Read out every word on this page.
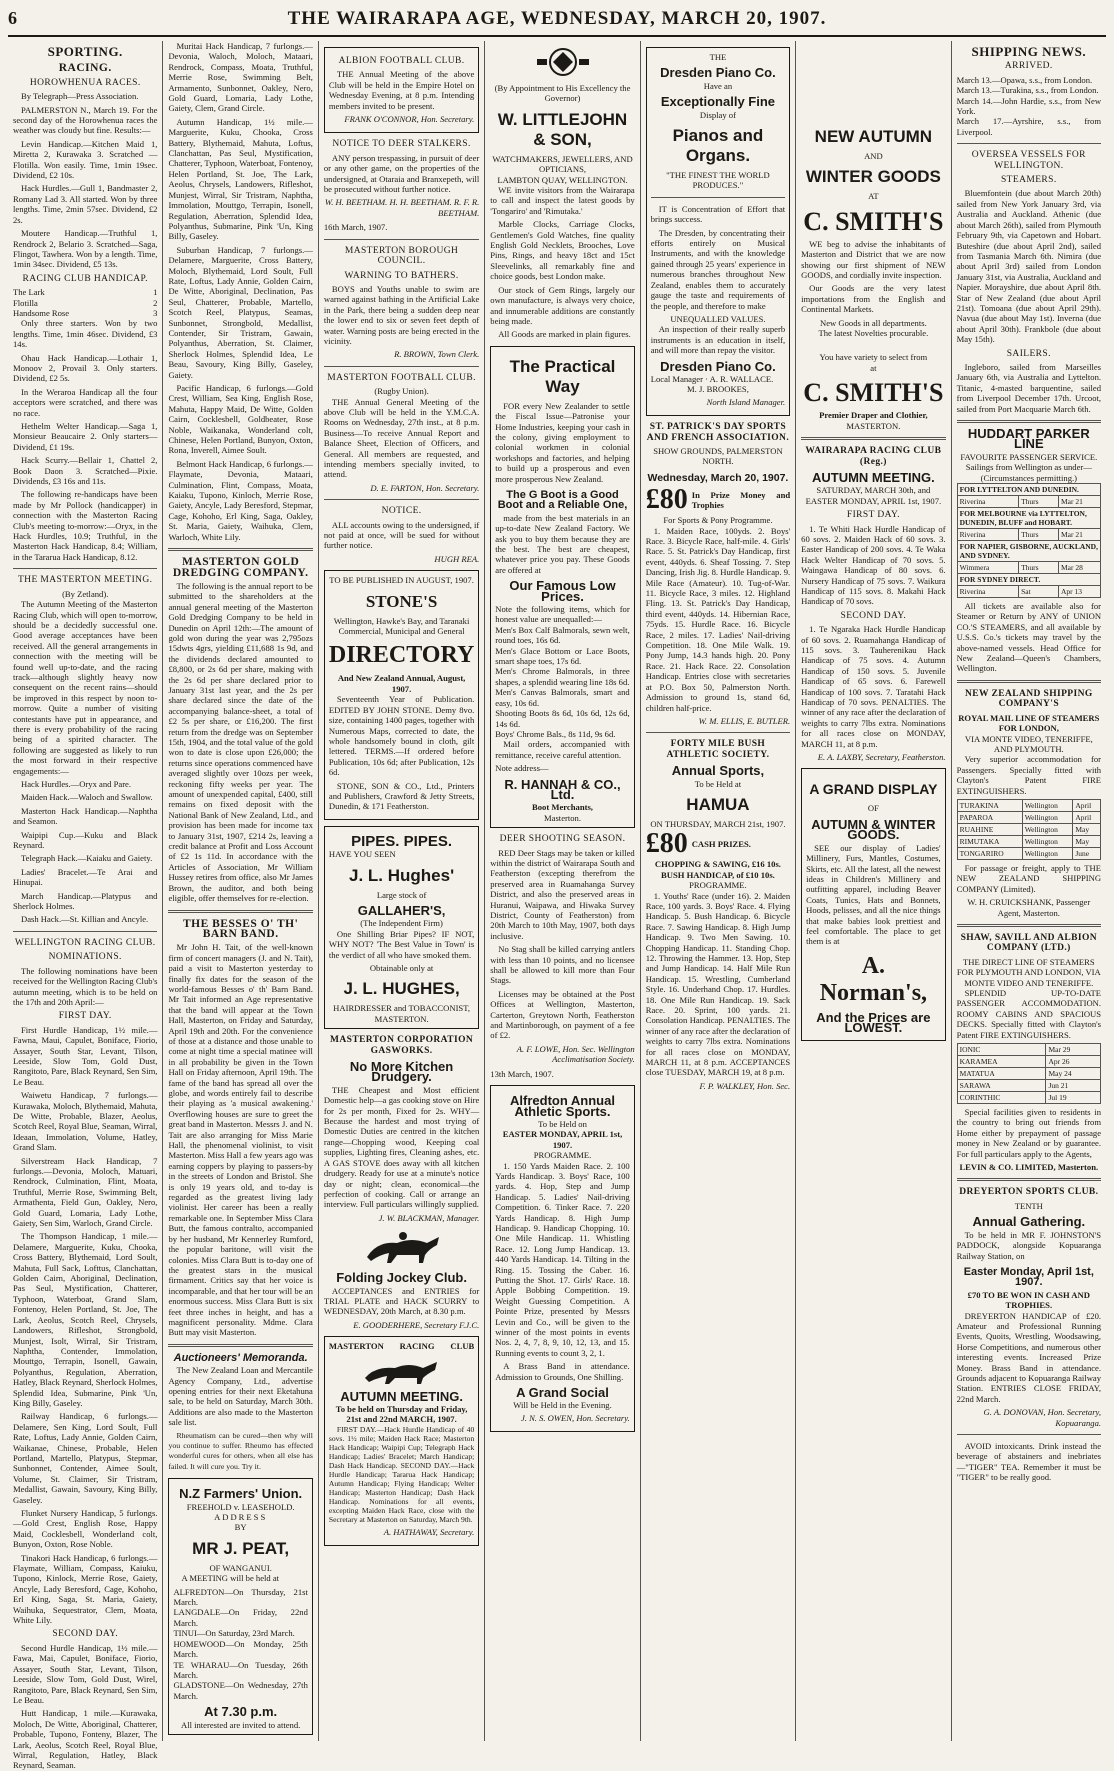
6	THE WAIRARAPA AGE, WEDNESDAY, MARCH 20, 1907.
SPORTING.
RACING.
HOROWHENUA RACES.

By Telegraph—Press Association.

PALMERSTON N., March 19. For the second day of the Horowhenua races the weather was cloudy but fine. Results:—

Levin Handicap.—Kitchen Maid 1, Miretta 2, Kurawaka 3. Scratched —Flotilla. Won easily. Time, 1min 19sec. Dividend, £2 10s.

Hack Hurdles.—Gull 1, Bandmaster 2, Romany Lad 3. All started. Won by three lengths. Time, 2min 57sec. Dividend, £2 2s.

Moutere Handicap.—Truthful 1, Rendrock 2, Belario 3. Scratched—Saga, Flingot, Tawhera. Won by a length. Time, 1min 34sec. Dividend, £5 13s.

RACING CLUB HANDICAP.
The Lark	1
Flotilla	2
Handsome Rose	3

Only three starters. Won by two lengths. Time, 1min 46sec. Dividend, £3 14s.

Ohau Hack Handicap.—Lothair 1, Monoov 2, Provail 3. Only starters. Dividend, £2 5s.

In the Weraroa Handicap all the four acceptors were scratched, and there was no race.

Hethelm Welter Handicap.—Saga 1, Monsieur Beaucaire 2. Only starters—Dividend, £1 19s.

Hack Scurry.—Bellair 1, Chattel 2, Book Daon 3. Scratched—Pixie. Dividends, £3 16s and 11s.

The following re-handicaps have been made by Mr Pollock (handicapper) in connection with the Masterton Racing Club's meeting to-morrow:—Oryx, in the Hack Hurdles, 10.9; Truthful, in the Masterton Hack Handicap, 8.4; William, in the Tararua Hack Handicap, 8.12.

THE MASTERTON MEETING.
(By Zetland).

The Autumn Meeting of the Masterton Racing Club, which will open to-morrow, should be a decidedly successful one. Good average acceptances have been received. All the general arrangements in connection with the meeting will be found well up-to-date, and the racing track—although slightly heavy now consequent on the recent rains—should be improved in this respect by noon to-morrow. Quite a number of visiting contestants have put in appearance, and there is every probability of the racing being of a spirited character. The following are suggested as likely to run the most forward in their respective engagements:—

Hack Hurdles.—Oryx and Pare.

Maiden Hack.—Waloch and Swallow.

Masterton Hack Handicap.—Naphtha and Seamon.

Waipipi Cup.—Kuku and Black Reynard.

Telegraph Hack.—Kaiaku and Gaiety.

Ladies' Bracelet.—Te Arai and Hinupai.

March Handicap.—Platypus and Sherlock Holmes.

Dash Hack.—St. Killian and Ancyle.

WELLINGTON RACING CLUB.
NOMINATIONS.

The following nominations have been received for the Wellington Racing Club's autumn meeting, which is to be held on the 17th and 20th April:—

FIRST DAY.

First Hurdle Handicap, 1½ mile.—Fawna, Maui, Capulet, Boniface, Fiorio, Assayer, South Star, Levant, Tilson, Leeside, Slow Tom, Gold Dust, Rangitoto, Pare, Black Reynard, Sen Sim, Le Beau.

Waiwetu Handicap, 7 furlongs.—Kurawaka, Moloch, Blythemaid, Mahuta, De Witte, Probable, Blazer, Aeolus, Scotch Reel, Royal Blue, Seaman, Wirral, Ideaan, Immolation, Volume, Hatley, Grand Slam.

Silverstream Hack Handicap, 7 furlongs.—Devonia, Moloch, Matuari, Rendrock, Culmination, Flint, Moata, Truthful, Merrie Rose, Swimming Belt, Armathenta, Field Gun, Oakley, Nero, Gold Guard, Lomaria, Lady Lothe, Gaiety, Sen Sim, Warloch, Grand Circle.

The Thompson Handicap, 1 mile.—Delamere, Marguerite, Kuku, Chooka, Cross Battery, Blythemaid, Lord Soult, Mahuta, Full Sack, Lofttus, Clanchattan, Golden Cairn, Aboriginal, Declination, Pas Seul, Mystification, Chatterer, Typhoon, Waterboat, Grand Slam, Fontenoy, Helen Portland, St. Joe, The Lark, Aeolus, Scotch Reel, Chrysels, Landowers, Rifleshot, Strongbold, Munjest, Isolt, Wirral, Sir Tristram, Naphtha, Contender, Immolation, Mouttgo, Terrapin, Isonell, Gawain, Polyanthus, Regulation, Aberration, Hatley, Black Reynard, Sherlock Holmes, Splendid Idea, Submarine, Pink 'Un, King Billy, Gaseley.

Railway Handicap, 6 furlongs.—Delamere, Sen King, Lord Soult, Full Rate, Loftus, Lady Annie, Golden Cairn, Waikanae, Chinese, Probable, Helen Portland, Martello, Platypus, Stepmar, Sunbonnet, Contender, Aimee Soult, Volume, St. Claimer, Sir Tristram, Medallist, Gawain, Savoury, King Billy, Gaseley.

Flunket Nursery Handicap, 5 furlongs.—Gold Crest, English Rose, Happy Maid, Cocklesbell, Wonderland colt, Bunyon, Oxton, Rose Noble.

Tinakori Hack Handicap, 6 furlongs.—Flaymate, William, Compass, Kaiuku, Tupono, Kinlock, Merrie Rose, Gaiety, Ancyle, Lady Beresford, Cage, Kohoho, Erl King, Saga, St. Maria, Gaiety, Waihuka, Sequestrator, Clem, Moata, White Lily.

SECOND DAY.

Second Hurdle Handicap, 1½ mile.—Fawa, Mai, Capulet, Boniface, Fiorio, Assayer, South Star, Levant, Tilson, Leeside, Slow Tom, Gold Dust, Wirel, Rangitoto, Pare, Black Reynard, Sen Sim, Le Beau.

Hutt Handicap, 1 mile.—Kurawaka, Moloch, De Witte, Aboriginal, Chatterer, Probable, Tupono, Fonteny, Blazer, The Lark, Aeolus, Scotch Reel, Royal Blue, Wirral, Regulation, Hatley, Black Reynard, Seaman.

Muritai Hack Handicap, 7 furlongs.—Devonia, Waloch, Moloch, Mataari, Rendrock, Compass, Moata, Truthful, Merrie Rose, Swimming Belt, Armamento, Sunbonnet, Oakley, Nero, Gold Guard, Lomaria, Lady Lothe, Gaiety, Clem, Grand Circle.

Autumn Handicap, 1½ mile.—Marguerite, Kuku, Chooka, Cross Battery, Blythemaid, Mahuta, Loftus, Clanchattan, Pas Seul, Mystification, Chatterer, Typhoon, Waterboat, Fontenoy, Helen Portland, St. Joe, The Lark, Aeolus, Chrysels, Landowers, Rifleshot, Munjest, Wirral, Sir Tristram, Naphtha, Immolation, Mouttgo, Terrapin, Isonell, Regulation, Aberration, Splendid Idea, Polyanthus, Submarine, Pink 'Un, King Billy, Gaseley.

Suburban Handicap, 7 furlongs.—Delamere, Marguerite, Cross Battery, Moloch, Blythemaid, Lord Soult, Full Rate, Loftus, Lady Annie, Golden Cairn, De Witte, Aboriginal, Declination, Pas Seul, Chatterer, Probable, Martello, Scotch Reel, Platypus, Seamas, Sunbonnet, Strongbold, Medallist, Contender, Sir Tristram, Gawain, Polyanthus, Aberration, St. Claimer, Sherlock Holmes, Splendid Idea, Le Beau, Savoury, King Billy, Gaseley, Gaiety.

Pacific Handicap, 6 furlongs.—Gold Crest, William, Sea King, English Rose, Mahuta, Happy Maid, De Witte, Golden Cairn, Cocklesbell, Goldbeater, Rose Noble, Waikanaka, Wonderland colt, Chinese, Helen Portland, Bunyon, Oxton, Rona, Inverell, Aimee Soult.

Belmont Hack Handicap, 6 furlongs.—Flaymate, Devonia, Mataari, Culmination, Flint, Compass, Moata, Kaiaku, Tupono, Kinloch, Merrie Rose, Gaiety, Ancyle, Lady Beresford, Stepmar, Cage, Kohoho, Erl King, Saga, Oakley, St. Maria, Gaiety, Waihuka, Clem, Warloch, White Lily.

MASTERTON GOLD DREDGING COMPANY.

The following is the annual report to be submitted to the shareholders at the annual general meeting of the Masterton Gold Dredging Company to be held in Dunedin on April 12th:—The amount of gold won during the year was 2,795ozs 15dwts 4grs, yielding £11,688 1s 9d, and the dividends declared amounted to £8,800, or 2s 6d per share, making with the 2s 6d per share declared prior to January 31st last year, and the 2s per share declared since the date of the accompanying balance-sheet, a total of £2 5s per share, or £16,200. The first return from the dredge was on September 15th, 1904, and the total value of the gold won to date is close upon £26,000; the returns since operations commenced have averaged slightly over 10ozs per week, reckoning fifty weeks per year. The amount of unexpended capital, £400, still remains on fixed deposit with the National Bank of New Zealand, Ltd., and provision has been made for income tax to January 31st, 1907, £214 2s, leaving a credit balance at Profit and Loss Account of £2 1s 11d. In accordance with the Articles of Association, Mr William Hussey retires from office, also Mr James Brown, the auditor, and both being eligible, offer themselves for re-election.

THE BESSES O' TH' BARN BAND.

Mr John H. Tait, of the well-known firm of concert managers (J. and N. Tait), paid a visit to Masterton yesterday to finally fix dates for the season of the world-famous Besses o' th' Barn Band. Mr Tait informed an Age representative that the band will appear at the Town Hall, Masterton, on Friday and Saturday, April 19th and 20th. For the convenience of those at a distance and those unable to come at night time a special matinee will in all probability be given in the Town Hall on Friday afternoon, April 19th. The fame of the band has spread all over the globe, and words entirely fail to describe their playing as 'a musical awakening.' Overflowing houses are sure to greet the great band in Masterton. Messrs J. and N. Tait are also arranging for Miss Marie Hall, the phenomenal violinist, to visit Masterton. Miss Hall a few years ago was earning coppers by playing to passers-by in the streets of London and Bristol. She is only 19 years old, and to-day is regarded as the greatest living lady violinist. Her career has been a really remarkable one. In September Miss Clara Butt, the famous contralto, accompanied by her husband, Mr Kennerley Rumford, the popular baritone, will visit the colonies. Miss Clara Butt is to-day one of the greatest stars in the musical firmament. Critics say that her voice is incomparable, and that her tour will be an enormous success. Miss Clara Butt is six feet three inches in height, and has a magnificent personality. Mdme. Clara Butt may visit Masterton.

Auctioneers' Memoranda.

The New Zealand Loan and Mercantile Agency Company, Ltd., advertise opening entries for their next Eketahuna sale, to be held on Saturday, March 30th. Additions are also made to the Masterton sale list.

Rheumatism can be cured—then why will you continue to suffer. Rheumo has effected wonderful cures for others, when all else has failed. It will cure you. Try it.

N.Z Farmers' Union.
FREEHOLD v. LEASEHOLD.
ADDRESS
BY
MR J. PEAT,
OF WANGANUI.

A MEETING will be held at

ALFREDTON—On Thursday, 21st March.
LANGDALE—On Friday, 22nd March.
TINUI—On Saturday, 23rd March.
HOMEWOOD—On Monday, 25th March.
TE WHARAU—On Tuesday, 26th March.
GLADSTONE—On Wednesday, 27th March.
At 7.30 p.m.
All interested are invited to attend.
ALBION FOOTBALL CLUB.

THE Annual Meeting of the above Club will be held in the Empire Hotel on Wednesday Evening, at 8 p.m. Intending members invited to be present.

FRANK O'CONNOR, Hon. Secretary.
NOTICE TO DEER STALKERS.

ANY person trespassing, in pursuit of deer or any other game, on the properties of the undersigned, at Otaraia and Branxepeth, will be prosecuted without further notice.

W. H. BEETHAM. H. H. BEETHAM. R. F. R. BEETHAM.
16th March, 1907.
MASTERTON BOROUGH COUNCIL.
WARNING TO BATHERS.

BOYS and Youths unable to swim are warned against bathing in the Artificial Lake in the Park, there being a sudden deep near the lower end to six or seven feet depth of water. Warning posts are being erected in the vicinity.

R. BROWN, Town Clerk.
MASTERTON FOOTBALL CLUB.
(Rugby Union).

THE Annual General Meeting of the above Club will be held in the Y.M.C.A. Rooms on Wednesday, 27th inst., at 8 p.m. Business—To receive Annual Report and Balance Sheet, Election of Officers, and General. All members are requested, and intending members specially invited, to attend.

D. E. FARTON, Hon. Secretary.
NOTICE.

ALL accounts owing to the undersigned, if not paid at once, will be sued for without further notice.

HUGH REA.
TO BE PUBLISHED IN AUGUST, 1907.
STONE'S
Wellington, Hawke's Bay, and Taranaki Commercial, Municipal and General
DIRECTORY
And New Zealand Annual, August, 1907.

Seventeenth Year of Publication. EDITED BY JOHN STONE. Demy 8vo. size, containing 1400 pages, together with Numerous Maps, corrected to date, the whole handsomely bound in cloth, gilt lettered. TERMS.—If ordered before Publication, 10s 6d; after Publication, 12s 6d.

STONE, SON & CO., Ltd., Printers and Publishers, Crawford & Jetty Streets, Dunedin, & 171 Featherston.

PIPES. PIPES.
HAVE YOU SEEN
J. L. Hughes'
Large stock of
GALLAHER'S,
(The Independent Firm)

One Shilling Briar Pipes? IF NOT, WHY NOT? 'The Best Value in Town' is the verdict of all who have smoked them.

Obtainable only at
J. L. HUGHES,
HAIRDRESSER and TOBACCONIST,
MASTERTON.
MASTERTON CORPORATION GASWORKS.
No More Kitchen Drudgery.

THE Cheapest and Most efficient Domestic help—a gas cooking stove on Hire for 2s per month, Fixed for 2s. WHY—Because the hardest and most trying of Domestic Duties are centred in the kitchen range—Chopping wood, Keeping coal supplies, Lighting fires, Cleaning ashes, etc. A GAS STOVE does away with all kitchen drudgery. Ready for use at a minute's notice day or night; clean, economical—the perfection of cooking. Call or arrange an interview. Full particulars willingly supplied.

J. W. BLACKMAN, Manager.
Folding Jockey Club.

ACCEPTANCES and ENTRIES for TRIAL PLATE and HACK SCURRY to WEDNESDAY, 20th March, at 8.30 p.m.

E. GOODERHERE, Secretary F.J.C.
MASTERTON RACING CLUB
AUTUMN MEETING.
To be held on Thursday and Friday, 21st and 22nd MARCH, 1907.

FIRST DAY.—Hack Hurdle Handicap of 40 sovs. 1½ mile; Maiden Hack Race; Masterton Hack Handicap; Waipipi Cup; Telegraph Hack Handicap; Ladies' Bracelet; March Handicap; Dash Hack Handicap. SECOND DAY.—Hack Hurdle Handicap; Tararua Hack Handicap; Autumn Handicap; Flying Handicap; Welter Handicap; Masterton Handicap; Dash Hack Handicap. Nominations for all events, excepting Maiden Hack Race, close with the Secretary at Masterton on Saturday, March 9th.

A. HATHAWAY, Secretary.
(By Appointment to His Excellency the Governor)
W. LITTLEJOHN & SON,
WATCHMAKERS, JEWELLERS, AND OPTICIANS,
LAMBTON QUAY, WELLINGTON.

WE invite visitors from the Wairarapa to call and inspect the latest goods by 'Tongariro' and 'Rimutaka.'

Marble Clocks, Carriage Clocks, Gentlemen's Gold Watches, fine quality English Gold Necklets, Brooches, Love Pins, Rings, and heavy 18ct and 15ct Sleevelinks, all remarkably fine and choice goods, best London make.

Our stock of Gem Rings, largely our own manufacture, is always very choice, and innumerable additions are constantly being made.

All Goods are marked in plain figures.

The Practical Way

FOR every New Zealander to settle the Fiscal Issue—Patronise your Home Industries, keeping your cash in the colony, giving employment to colonial workmen in colonial workshops and factories, and helping to build up a prosperous and even more prosperous New Zealand.

The G Boot is a Good Boot and a Reliable One,

made from the best materials in an up-to-date New Zealand Factory. We ask you to buy them because they are the best. The best are cheapest, whatever price you pay. These Goods are offered at

Our Famous Low Prices.
Note the following items, which for honest value are unequalled:—
Men's Box Calf Balmorals, sewn welt, round toes, 16s 6d.
Men's Glace Bottom or Lace Boots, smart shape toes, 17s 6d.
Men's Chrome Balmorals, in three shapes, a splendid wearing line 18s 6d.
Men's Canvas Balmorals, smart and easy, 10s 6d.
Shooting Boots 8s 6d, 10s 6d, 12s 6d, 14s 6d.
Boys' Chrome Bals., 8s 11d, 9s 6d.

Mail orders, accompanied with remittance, receive careful attention.

Note address—
R. HANNAH & CO., Ltd.
Boot Merchants,
Masterton.
DEER SHOOTING SEASON.

RED Deer Stags may be taken or killed within the district of Wairarapa South and Featherston (excepting therefrom the preserved area in Ruamahanga Survey District, and also the preserved areas in Huranui, Waipawa, and Hiwaka Survey District, County of Featherston) from 20th March to 10th May, 1907, both days inclusive.

No Stag shall be killed carrying antlers with less than 10 points, and no licensee shall be allowed to kill more than Four Stags.

Licenses may be obtained at the Post Offices at Wellington, Masterton, Carterton, Greytown North, Featherston and Martinborough, on payment of a fee of £2.

A. F. LOWE, Hon. Sec. Wellington Acclimatisation Society.
13th March, 1907.
Alfredton Annual Athletic Sports.
To be Held on
EASTER MONDAY, APRIL 1st, 1907.
PROGRAMME.

1. 150 Yards Maiden Race. 2. 100 Yards Handicap. 3. Boys' Race, 100 yards. 4. Hop, Step and Jump Handicap. 5. Ladies' Nail-driving Competition. 6. Tinker Race. 7. 220 Yards Handicap. 8. High Jump Handicap. 9. Handicap Chopping. 10. One Mile Handicap. 11. Whistling Race. 12. Long Jump Handicap. 13. 440 Yards Handicap. 14. Tilting in the Ring. 15. Tossing the Caber. 16. Putting the Shot. 17. Girls' Race. 18. Apple Bobbing Competition. 19. Weight Guessing Competition. A Pointe Prize, presented by Messrs Levin and Co., will be given to the winner of the most points in events Nos. 2, 4, 7, 8, 9, 10, 12, 13, and 15. Running events to count 3, 2, 1.

A Brass Band in attendance. Admission to Grounds, One Shilling.

A Grand Social
Will be Held in the Evening.
J. N. S. OWEN, Hon. Secretary.
THE
Dresden Piano Co.
Have an
Exceptionally Fine
Display of
Pianos and Organs.
"THE FINEST THE WORLD PRODUCES."

IT is Concentration of Effort that brings success.

The Dresden, by concentrating their efforts entirely on Musical Instruments, and with the knowledge gained through 25 years' experience in numerous branches throughout New Zealand, enables them to accurately gauge the taste and requirements of the people, and therefore to make

UNEQUALLED VALUES.

An inspection of their really superb instruments is an education in itself, and will more than repay the visitor.

Dresden Piano Co.
Local Manager · A. R. WALLACE.
M. J. BROOKES,
North Island Manager.
ST. PATRICK'S DAY SPORTS AND FRENCH ASSOCIATION.
SHOW GROUNDS, PALMERSTON NORTH.
Wednesday, March 20, 1907.
£80 In Prize Money and Trophies
For Sports & Pony Programme.

1. Maiden Race, 100yds. 2. Boys' Race. 3. Bicycle Race, half-mile. 4. Girls' Race. 5. St. Patrick's Day Handicap, first event, 440yds. 6. Sheaf Tossing. 7. Step Dancing, Irish Jig. 8. Hurdle Handicap. 9. Mile Race (Amateur). 10. Tug-of-War. 11. Bicycle Race, 3 miles. 12. Highland Fling. 13. St. Patrick's Day Handicap, third event, 440yds. 14. Hibernian Race, 75yds. 15. Hurdle Race. 16. Bicycle Race, 2 miles. 17. Ladies' Nail-driving Competition. 18. One Mile Walk. 19. Pony Jump, 14.3 hands high. 20. Pony Race. 21. Hack Race. 22. Consolation Handicap. Entries close with secretaries at P.O. Box 50, Palmerston North. Admission to ground 1s, stand 6d, children half-price.

W. M. ELLIS, E. BUTLER.
FORTY MILE BUSH ATHLETIC SOCIETY.
Annual Sports,
To be Held at
HAMUA
ON THURSDAY, MARCH 21st, 1907.
£80 CASH PRIZES.
CHOPPING & SAWING, £16 10s. BUSH HANDICAP, of £10 10s.
PROGRAMME.

1. Youths' Race (under 16). 2. Maiden Race, 100 yards. 3. Boys' Race. 4. Flying Handicap. 5. Bush Handicap. 6. Bicycle Race. 7. Sawing Handicap. 8. High Jump Handicap. 9. Two Men Sawing. 10. Chopping Handicap. 11. Standing Chop. 12. Throwing the Hammer. 13. Hop, Step and Jump Handicap. 14. Half Mile Run Handicap. 15. Wrestling, Cumberland Style. 16. Underhand Chop. 17. Hurdles. 18. One Mile Run Handicap. 19. Sack Race. 20. Sprint, 100 yards. 21. Consolation Handicap. PENALTIES. The winner of any race after the declaration of weights to carry 7lbs extra. Nominations for all races close on MONDAY, MARCH 11, at 8 p.m. ACCEPTANCES close TUESDAY, MARCH 19, at 8 p.m.

F. P. WALKLEY, Hon. Sec.
NEW AUTUMN
AND
WINTER GOODS
AT
C. SMITH'S

WE beg to advise the inhabitants of Masterton and District that we are now showing our first shipment of NEW GOODS, and cordially invite inspection.

Our Goods are the very latest importations from the English and Continental Markets.

New Goods in all departments.
The latest Novelties procurable.
You have variety to select from
at
C. SMITH'S
Premier Draper and Clothier,
MASTERTON.
WAIRARAPA RACING CLUB (Reg.)
AUTUMN MEETING.
SATURDAY, MARCH 30th, and EASTER MONDAY, APRIL 1st, 1907.
FIRST DAY.

1. Te Whiti Hack Hurdle Handicap of 60 sovs. 2. Maiden Hack of 60 sovs. 3. Easter Handicap of 200 sovs. 4. Te Waka Hack Welter Handicap of 70 sovs. 5. Waingawa Handicap of 80 sovs. 6. Nursery Handicap of 75 sovs. 7. Waikura Handicap of 115 sovs. 8. Makahi Hack Handicap of 70 sovs.

SECOND DAY.

1. Te Ngaraka Hack Hurdle Handicap of 60 sovs. 2. Ruamahanga Handicap of 115 sovs. 3. Tauherenikau Hack Handicap of 75 sovs. 4. Autumn Handicap of 150 sovs. 5. Juvenile Handicap of 65 sovs. 6. Farewell Handicap of 100 sovs. 7. Taratahi Hack Handicap of 70 sovs. PENALTIES. The winner of any race after the declaration of weights to carry 7lbs extra. Nominations for all races close on MONDAY, MARCH 11, at 8 p.m.

E. A. LAXBY, Secretary, Featherston.
A GRAND DISPLAY
OF
AUTUMN & WINTER GOODS.

SEE our display of Ladies' Millinery, Furs, Mantles, Costumes, Skirts, etc. All the latest, all the newest ideas in Children's Millinery and outfitting apparel, including Beaver Coats, Tunics, Hats and Bonnets, Hoods, pelisses, and all the nice things that make babies look prettiest and feel comfortable. The place to get them is at

A. Norman's,
And the Prices are LOWEST.
SHIPPING NEWS.
ARRIVED.
March 13.—Opawa, s.s., from London.
March 13.—Turakina, s.s., from London.
March 14.—John Hardie, s.s., from New York.
March 17.—Ayrshire, s.s., from Liverpool.
OVERSEA VESSELS FOR WELLINGTON.
STEAMERS.

Bluemfontein (due about March 20th) sailed from New York January 3rd, via Australia and Auckland. Athenic (due about March 26th), sailed from Plymouth February 9th, via Capetown and Hobart. Buteshire (due about April 2nd), sailed from Tasmania March 6th. Nimira (due about April 3rd) sailed from London January 31st, via Australia, Auckland and Napier. Morayshire, due about April 8th. Star of New Zealand (due about April 21st). Tomoana (due about April 29th). Navua (due about May 1st). Inverna (due about April 30th). Frankbole (due about May 15th).

SAILERS.

Ingleboro, sailed from Marseilles January 6th, via Australia and Lyttelton. Titanic, 4-masted barquentine, sailed from Liverpool December 17th. Urcoot, sailed from Port Macquarie March 6th.

HUDDART PARKER LINE
FAVOURITE PASSENGER SERVICE.
Sailings from Wellington as under—(Circumstances permitting.)
FOR LYTTELTON AND DUNEDIN.		
Riverina	Thurs	Mar 21
FOR MELBOURNE via LYTTELTON, DUNEDIN, BLUFF and HOBART.		
Riverina	Thurs	Mar 21
FOR NAPIER, GISBORNE, AUCKLAND, AND SYDNEY.		
Wimmera	Thurs	Mar 28
FOR SYDNEY DIRECT.		
Riverina	Sat	Apr 13

All tickets are available also for Steamer or Return by ANY of UNION CO.'S STEAMERS, and all available by U.S.S. Co.'s tickets may travel by the above-named vessels. Head Office for New Zealand—Queen's Chambers, Wellington.

NEW ZEALAND SHIPPING COMPANY'S
ROYAL MAIL LINE OF STEAMERS FOR LONDON,
VIA MONTE VIDEO, TENERIFFE, AND PLYMOUTH.

Very superior accommodation for Passengers. Specially fitted with Clayton's Patent FIRE EXTINGUISHERS.

TURAKINA	Wellington	April
PAPAROA	Wellington	April
RUAHINE	Wellington	May
RIMUTAKA	Wellington	May
TONGARIRO	Wellington	June

For passage or freight, apply to THE NEW ZEALAND SHIPPING COMPANY (Limited).

W. H. CRUICKSHANK, Passenger Agent, Masterton.
SHAW, SAVILL AND ALBION COMPANY (LTD.)
THE DIRECT LINE OF STEAMERS FOR PLYMOUTH AND LONDON, VIA MONTE VIDEO AND TENERIFFE.

SPLENDID UP-TO-DATE PASSENGER ACCOMMODATION. ROOMY CABINS AND SPACIOUS DECKS. Specially fitted with Clayton's Patent FIRE EXTINGUISHERS.

IONIC	Mar 29
KARAMEA	Apr 26
MATATUA	May 24
SARAWA	Jun 21
CORINTHIC	Jul 19

Special facilities given to residents in the country to bring out friends from Home either by prepayment of passage money in New Zealand or by guarantee. For full particulars apply to the Agents,

LEVIN & CO. LIMITED, Masterton.
DREYERTON SPORTS CLUB.
TENTH
Annual Gathering.

To be held in MR F. JOHNSTON'S PADDOCK, alongside Kopuaranga Railway Station, on

Easter Monday, April 1st, 1907.
£70 TO BE WON IN CASH AND TROPHIES.

DREYERTON HANDICAP of £20. Amateur and Professional Running Events, Quoits, Wrestling, Woodsawing, Horse Competitions, and numerous other interesting events. Increased Prize Money. Brass Band in attendance. Grounds adjacent to Kopuaranga Railway Station. ENTRIES CLOSE FRIDAY, 22nd March.

G. A. DONOVAN, Hon. Secretary, Kopuaranga.

AVOID intoxicants. Drink instead the beverage of abstainers and inebriates—"TIGER" TEA. Remember it must be "TIGER" to be really good.
